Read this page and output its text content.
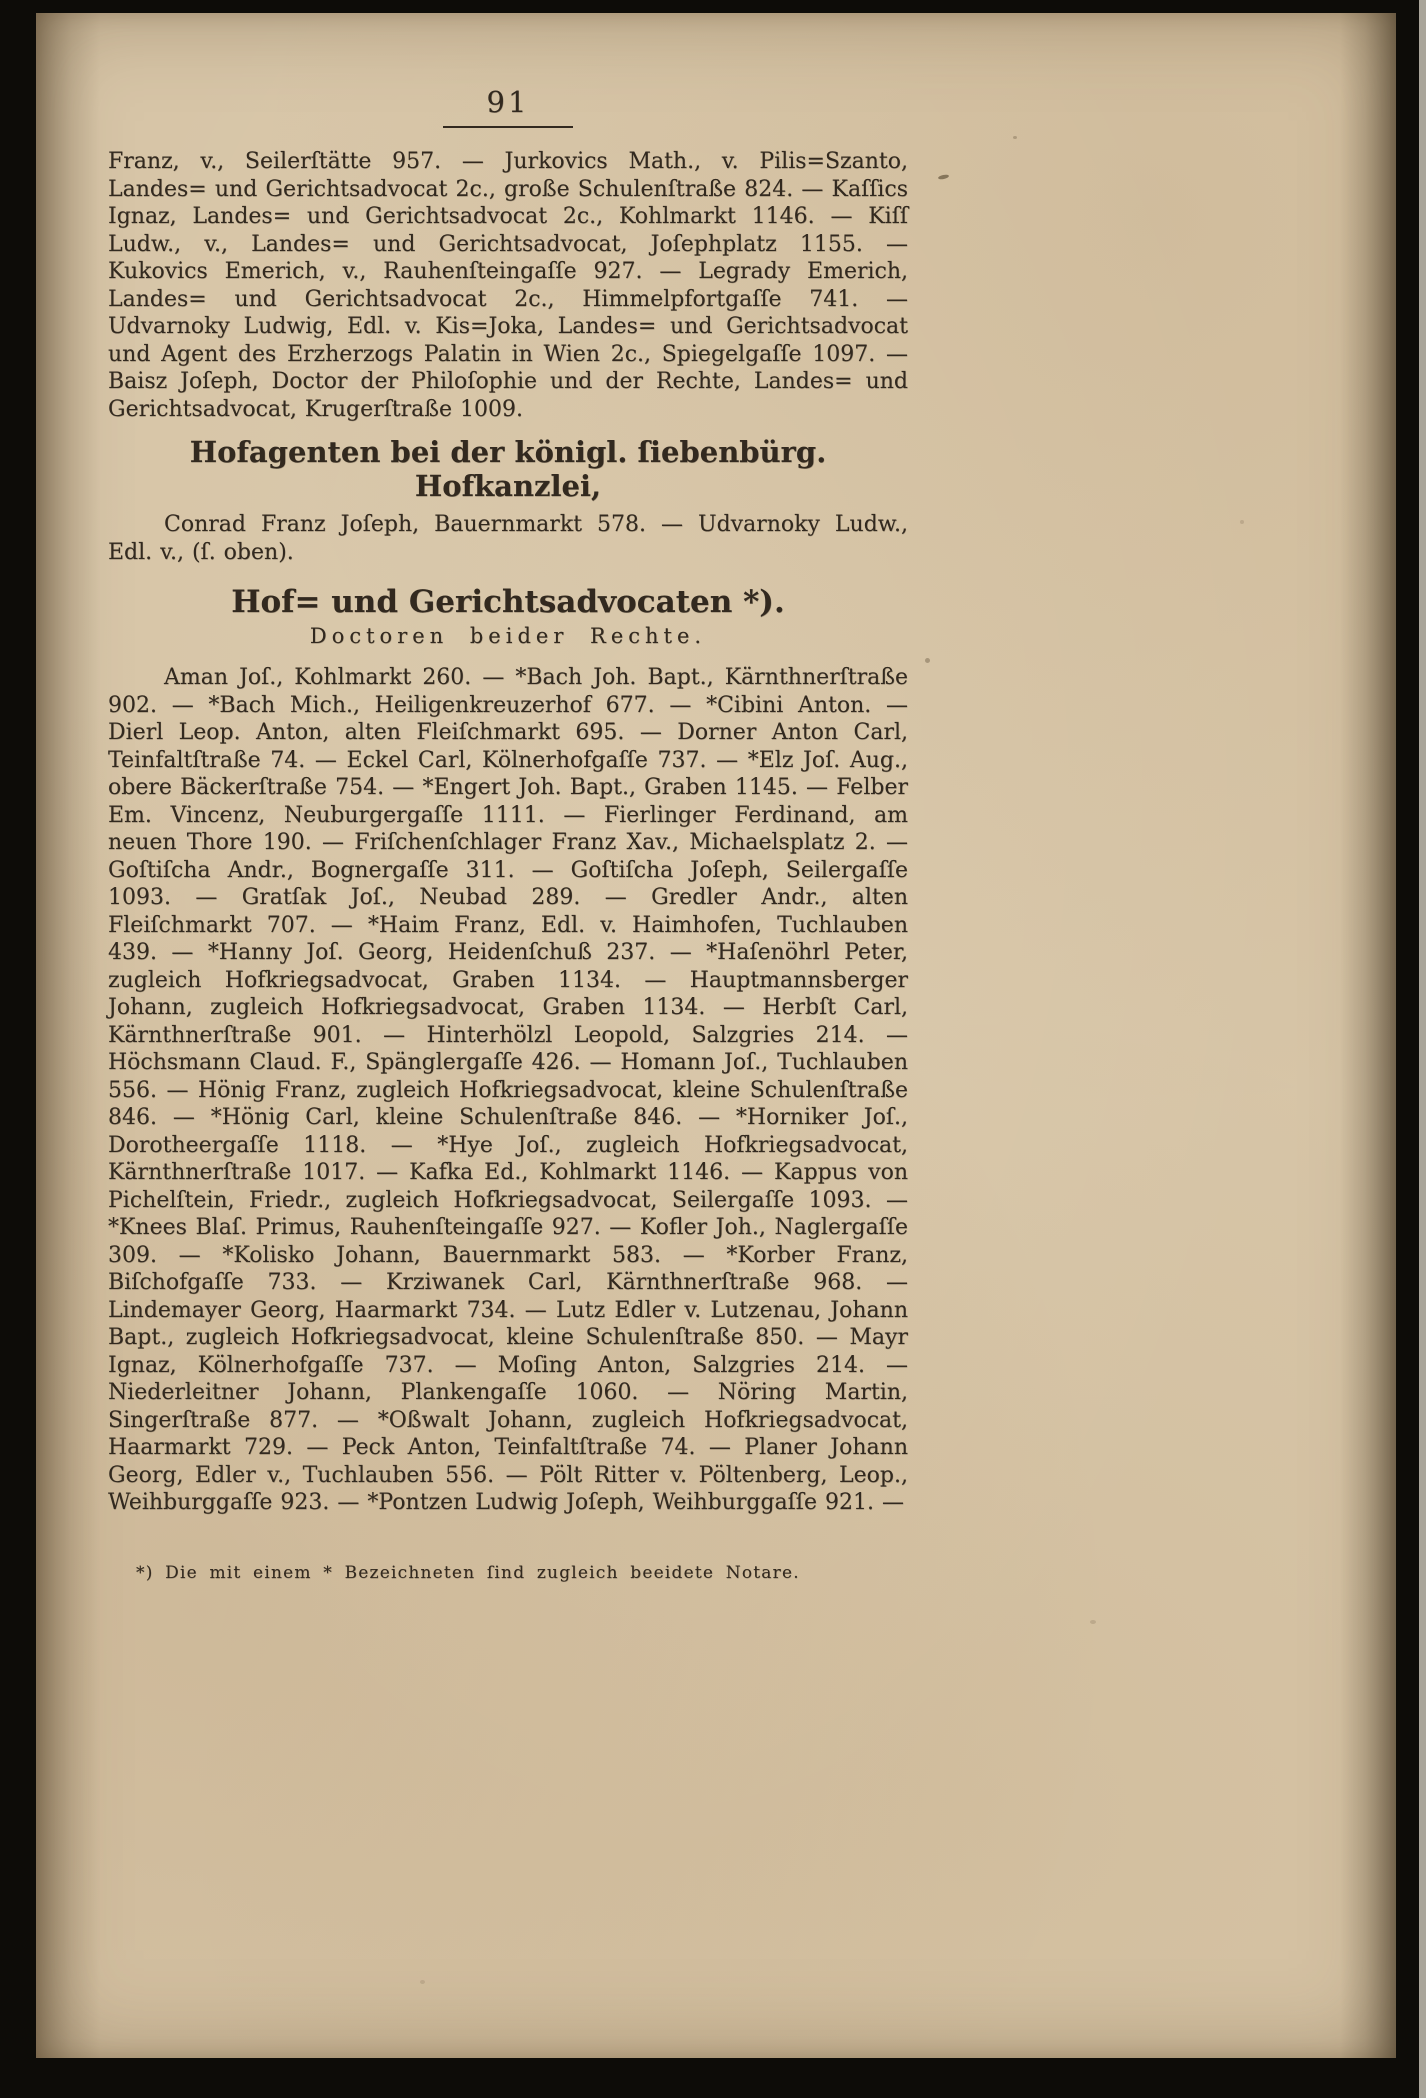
91

Franz, v., Seilerſtätte 957. — Jurkovics Math., v. Pilis=Szanto, Landes= und Gerichtsadvocat 2c., große Schulenſtraße 824. — Kaſſics Ignaz, Landes= und Gerichtsadvocat 2c., Kohlmarkt 1146. — Kiſſ Ludw., v., Landes= und Gerichtsadvocat, Joſephplatz 1155. — Kukovics Emerich, v., Rauhenſteingaſſe 927. — Legrady Emerich, Landes= und Gerichtsadvocat 2c., Himmelpfortgaſſe 741. — Udvarnoky Ludwig, Edl. v. Kis=Joka, Landes= und Gerichtsadvocat und Agent des Erzherzogs Palatin in Wien 2c., Spiegelgaſſe 1097. — Baisz Joſeph, Doctor der Philoſophie und der Rechte, Landes= und Gerichtsadvocat, Krugerſtraße 1009.

Hofagenten bei der königl. ſiebenbürg. Hofkanzlei,

Conrad Franz Joſeph, Bauernmarkt 578. — Udvarnoky Ludw., Edl. v., (ſ. oben).

Hof= und Gerichtsadvocaten *).
Doctoren beider Rechte.

Aman Joſ., Kohlmarkt 260. — *Bach Joh. Bapt., Kärnthnerſtraße 902. — *Bach Mich., Heiligenkreuzerhof 677. — *Cibini Anton. — Dierl Leop. Anton, alten Fleiſchmarkt 695. — Dorner Anton Carl, Teinfaltſtraße 74. — Eckel Carl, Kölnerhofgaſſe 737. — *Elz Joſ. Aug., obere Bäckerſtraße 754. — *Engert Joh. Bapt., Graben 1145. — Felber Em. Vincenz, Neuburgergaſſe 1111. — Fierlinger Ferdinand, am neuen Thore 190. — Friſchenſchlager Franz Xav., Michaelsplatz 2. — Goſtiſcha Andr., Bognergaſſe 311. — Goſtiſcha Joſeph, Seilergaſſe 1093. — Gratſak Joſ., Neubad 289. — Gredler Andr., alten Fleiſchmarkt 707. — *Haim Franz, Edl. v. Haimhofen, Tuchlauben 439. — *Hanny Joſ. Georg, Heidenſchuß 237. — *Haſenöhrl Peter, zugleich Hofkriegsadvocat, Graben 1134. — Hauptmannsberger Johann, zugleich Hofkriegsadvocat, Graben 1134. — Herbſt Carl, Kärnthnerſtraße 901. — Hinterhölzl Leopold, Salzgries 214. — Höchsmann Claud. F., Spänglergaſſe 426. — Homann Joſ., Tuchlauben 556. — Hönig Franz, zugleich Hofkriegsadvocat, kleine Schulenſtraße 846. — *Hönig Carl, kleine Schulenſtraße 846. — *Horniker Joſ., Dorotheergaſſe 1118. — *Hye Joſ., zugleich Hofkriegsadvocat, Kärnthnerſtraße 1017. — Kafka Ed., Kohlmarkt 1146. — Kappus von Pichelſtein, Friedr., zugleich Hofkriegsadvocat, Seilergaſſe 1093. — *Knees Blaſ. Primus, Rauhenſteingaſſe 927. — Kofler Joh., Naglergaſſe 309. — *Kolisko Johann, Bauernmarkt 583. — *Korber Franz, Biſchofgaſſe 733. — Krziwanek Carl, Kärnthnerſtraße 968. — Lindemayer Georg, Haarmarkt 734. — Lutz Edler v. Lutzenau, Johann Bapt., zugleich Hofkriegsadvocat, kleine Schulenſtraße 850. — Mayr Ignaz, Kölnerhofgaſſe 737. — Moſing Anton, Salzgries 214. — Niederleitner Johann, Plankengaſſe 1060. — Nöring Martin, Singerſtraße 877. — *Oßwalt Johann, zugleich Hofkriegsadvocat, Haarmarkt 729. — Peck Anton, Teinfaltſtraße 74. — Planer Johann Georg, Edler v., Tuchlauben 556. — Pölt Ritter v. Pöltenberg, Leop., Weihburggaſſe 923. — *Pontzen Ludwig Joſeph, Weihburggaſſe 921. —

*) Die mit einem * Bezeichneten ſind zugleich beeidete Notare.
